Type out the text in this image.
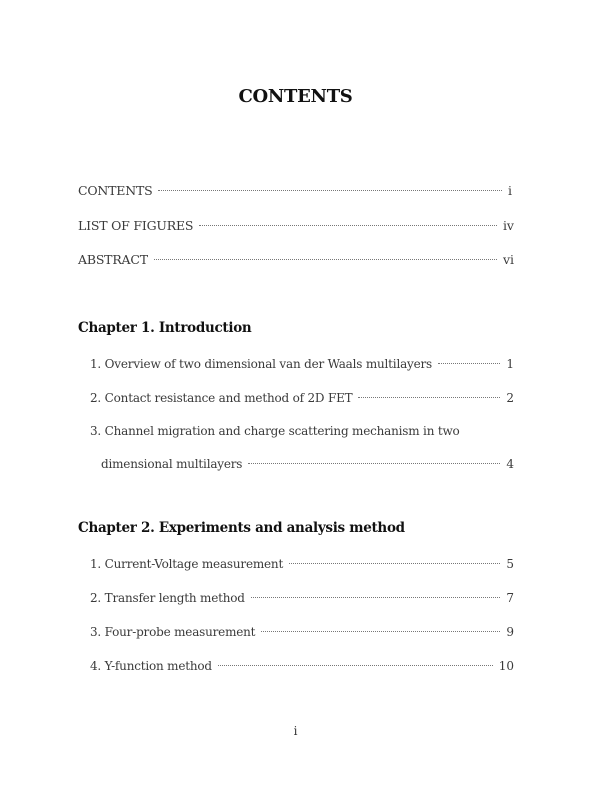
CONTENTS
CONTENTS	i
LIST OF FIGURES	iv
ABSTRACT	vi
Chapter 1. Introduction
1. Overview of two dimensional van der Waals multilayers	1
2. Contact resistance and method of 2D FET	2
3. Channel migration and charge scattering mechanism in two
dimensional multilayers	4
Chapter 2. Experiments and analysis method
1. Current-Voltage measurement	5
2. Transfer length method	7
3. Four-probe measurement	9
4. Y-function method	10
i
